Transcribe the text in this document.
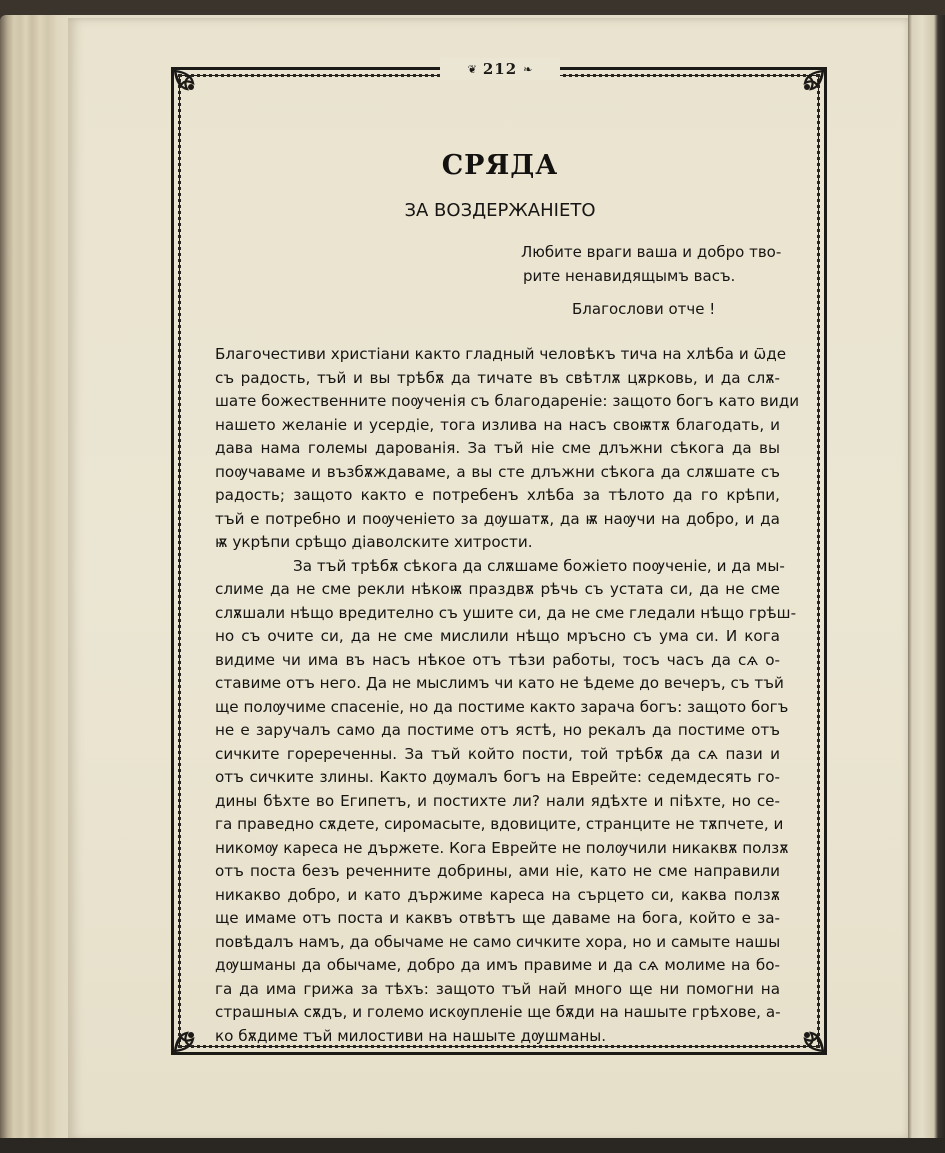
❦ 212 ❧
СРЯДА
ЗА ВОЗДЕРЖАНІЕТО
Любите враги ваша и добро тво-
рите ненавидящымъ васъ.
Благослови отче !
Благочестиви христіани както гладный человѣкъ тича на хлѣба и ѿде
съ радость, тъй и вы трѣбѫ да тичате въ свѣтлѫ цѫрковь, и да слѫ-
шате божественните поѹченія съ благодареніе: защото богъ като види
нашето желаніе и усердіе, тога излива на насъ своѭтѫ благодать, и
дава нама големы дарованія. За тъй ніе сме длъжни сѣкога да вы
поѹчаваме и възбѫждаваме, а вы сте длъжни сѣкога да слѫшате съ
радость; защото както е потребенъ хлѣба за тѣлото да го крѣпи,
тъй е потребно и поѹченіето за дѹшатѫ, да ѭ наѹчи на добро, и да
ѭ укрѣпи срѣщо діаволските хитрости.
За тъй трѣбѫ сѣкога да слѫшаме божіето поѹченіе, и да мы-
слиме да не сме рекли нѣкоѭ праздвѫ рѣчь съ устата си, да не сме
слѫшали нѣщо вредително съ ушите си, да не сме гледали нѣщо грѣш-
но съ очите си, да не сме мислили нѣщо мръсно съ ума си. И кога
видиме чи има въ насъ нѣкое отъ тѣзи работы, тосъ часъ да сѧ о-
ставиме отъ него. Да не мыслимъ чи като не ѣдеме до вечеръ, съ тъй
ще полѹчиме спасеніе, но да постиме както зарача богъ: защото богъ
не е заручалъ само да постиме отъ ястѣ, но рекалъ да постиме отъ
сичките горереченны. За тъй който пости, той трѣбѫ да сѧ пази и
отъ сичките злины. Както дѹмалъ богъ на Еврейте: седемдесять го-
дины бѣхте во Египетъ, и постихте ли? нали ядѣхте и піѣхте, но се-
га праведно сѫдете, сиромасыте, вдовиците, странците не тѫпчете, и
никомѹ кареса не държете. Кога Еврейте не полѹчили никаквѫ ползѫ
отъ поста безъ реченните добрины, ами ніе, като не сме направили
никакво добро, и като държиме кареса на сърцето си, каква ползѫ
ще имаме отъ поста и каквъ отвѣтъ ще даваме на бога, който е за-
повѣдалъ намъ, да обычаме не само сичките хора, но и самыте нашы
дѹшманы да обычаме, добро да имъ правиме и да сѧ молиме на бо-
га да има грижа за тѣхъ: защото тъй най много ще ни помогни на
страшныѧ сѫдъ, и големо искѹпленіе ще бѫди на нашыте грѣхове, а-
ко бѫдиме тъй милостиви на нашыте дѹшманы.
